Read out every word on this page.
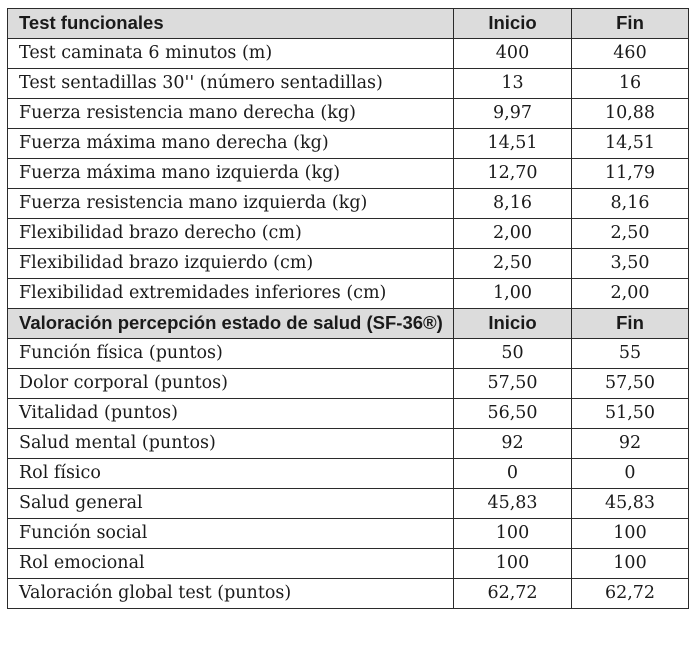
Test funcionales	Inicio	Fin
Test caminata 6 minutos (m)	400	460
Test sentadillas 30'' (número sentadillas)	13	16
Fuerza resistencia mano derecha (kg)	9,97	10,88
Fuerza máxima mano derecha (kg)	14,51	14,51
Fuerza máxima mano izquierda (kg)	12,70	11,79
Fuerza resistencia mano izquierda (kg)	8,16	8,16
Flexibilidad brazo derecho (cm)	2,00	2,50
Flexibilidad brazo izquierdo (cm)	2,50	3,50
Flexibilidad extremidades inferiores (cm)	1,00	2,00
Valoración percepción estado de salud (SF-36®)	Inicio	Fin
Función física (puntos)	50	55
Dolor corporal (puntos)	57,50	57,50
Vitalidad (puntos)	56,50	51,50
Salud mental (puntos)	92	92
Rol físico	0	0
Salud general	45,83	45,83
Función social	100	100
Rol emocional	100	100
Valoración global test (puntos)	62,72	62,72
